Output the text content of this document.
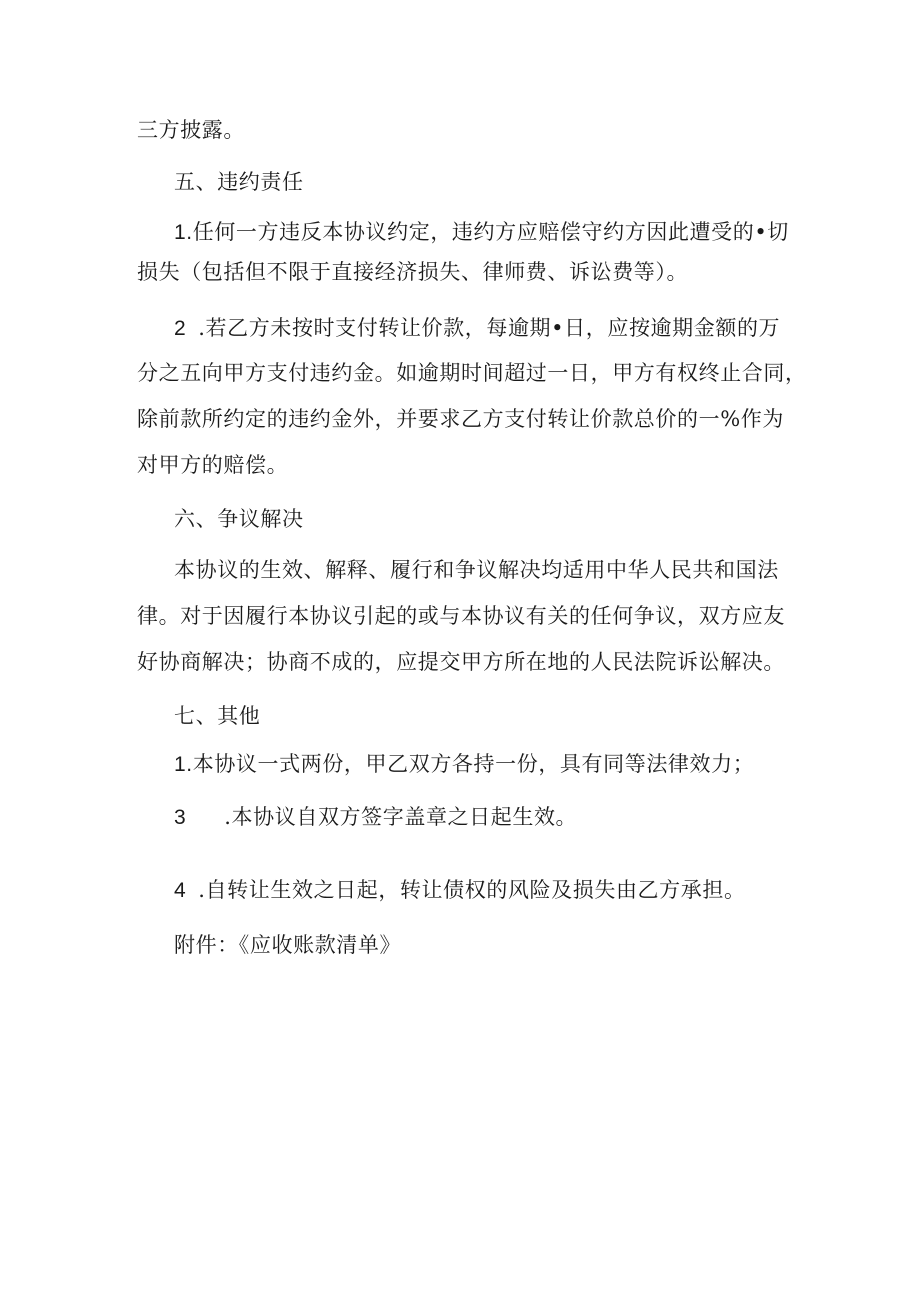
三方披露。
五、违约责任
1.任何一方违反本协议约定，违约方应赔偿守约方因此遭受的•切
损失（包括但不限于直接经济损失、律师费、诉讼费等）。
2 .若乙方未按时支付转让价款，每逾期•日，应按逾期金额的万
分之五向甲方支付违约金。如逾期时间超过一日，甲方有权终止合同，
除前款所约定的违约金外，并要求乙方支付转让价款总价的一%作为
对甲方的赔偿。
六、争议解决
本协议的生效、解释、履行和争议解决均适用中华人民共和国法
律。对于因履行本协议引起的或与本协议有关的任何争议，双方应友
好协商解决；协商不成的，应提交甲方所在地的人民法院诉讼解决。
七、其他
1.本协议一式两份，甲乙双方各持一份，具有同等法律效力；
3 .本协议自双方签字盖章之日起生效。
4 .自转让生效之日起，转让债权的风险及损失由乙方承担。
附件：《应收账款清单》
